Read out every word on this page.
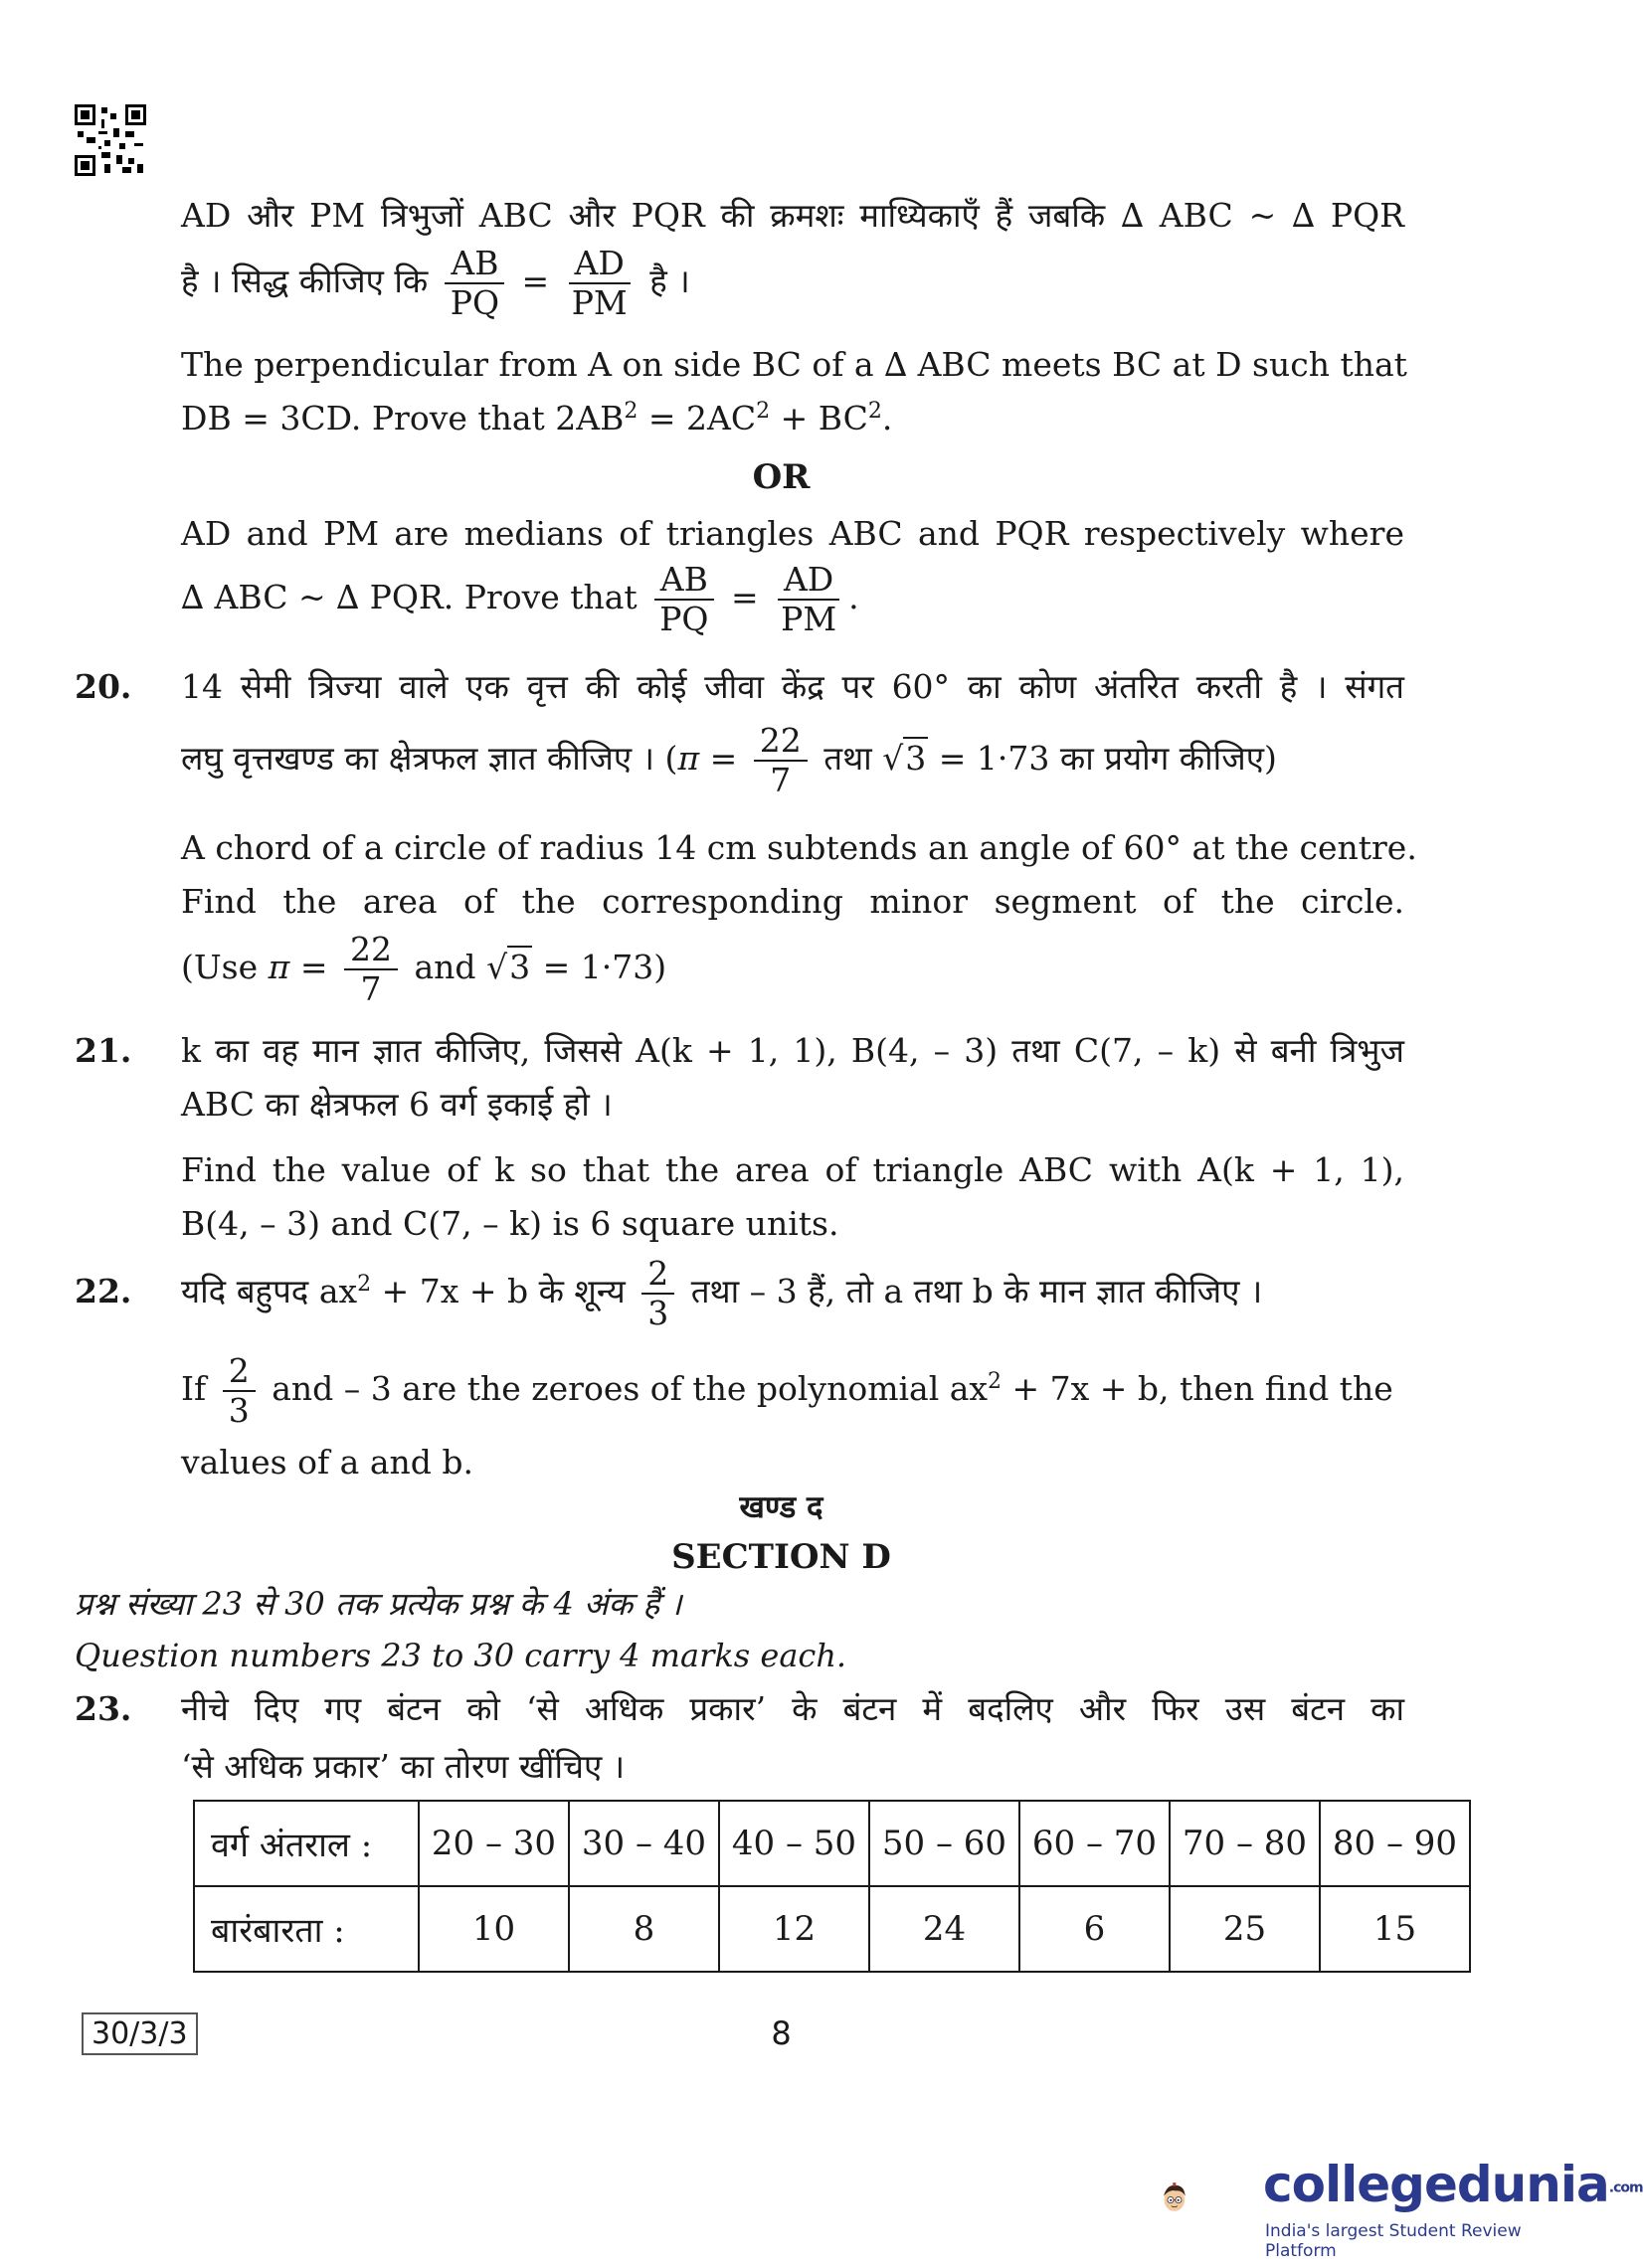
AD और PM त्रिभुजों ABC और PQR की क्रमशः माध्यिकाएँ हैं जबकि ∆ ABC ~ ∆ PQR
है । सिद्ध कीजिए कि $\frac{AB}{PQ} = \frac{AD}{PM}$ है ।
The perpendicular from A on side BC of a ∆ ABC meets BC at D such that
DB = 3CD. Prove that $2AB^2 = 2AC^2 + BC^2$.
OR
AD and PM are medians of triangles ABC and PQR respectively where
∆ ABC ~ ∆ PQR. Prove that $\frac{AB}{PQ} = \frac{AD}{PM}$ .
20. 14 सेमी त्रिज्या वाले एक वृत्त की कोई जीवा केंद्र पर 60° का कोण अंतरित करती है । संगत
लघु वृत्तखण्ड का क्षेत्रफल ज्ञात कीजिए । ($\pi = \frac{22}{7}$ तथा √3 = 1·73 का प्रयोग कीजिए)
A chord of a circle of radius 14 cm subtends an angle of 60° at the centre.
Find the area of the corresponding minor segment of the circle.
(Use $\pi = \frac{22}{7}$ and √3 = 1·73)
21. k का वह मान ज्ञात कीजिए, जिससे A(k + 1, 1), B(4, – 3) तथा C(7, – k) से बनी त्रिभुज
ABC का क्षेत्रफल 6 वर्ग इकाई हो ।
Find the value of k so that the area of triangle ABC with A(k + 1, 1),
B(4, – 3) and C(7, – k) is 6 square units.
22. यदि बहुपद $ax^2 + 7x + b$ के शून्य $\frac{2}{3}$ तथा – 3 हैं, तो a तथा b के मान ज्ञात कीजिए ।
If $\frac{2}{3}$ and – 3 are the zeroes of the polynomial $ax^2 + 7x + b$, then find the
values of a and b.
खण्ड द
SECTION D
प्रश्न संख्या 23 से 30 तक प्रत्येक प्रश्न के 4 अंक हैं ।
Question numbers 23 to 30 carry 4 marks each.
23. नीचे दिए गए बंटन को ‘से अधिक प्रकार’ के बंटन में बदलिए और फिर उस बंटन का
‘से अधिक प्रकार’ का तोरण खींचिए ।
वर्ग अंतराल :	20 – 30	30 – 40	40 – 50	50 – 60	60 – 70	70 – 80	80 – 90
बारंबारता :	10	8	12	24	6	25	15
30/3/3	8
collegedunia.com
India's largest Student Review Platform
